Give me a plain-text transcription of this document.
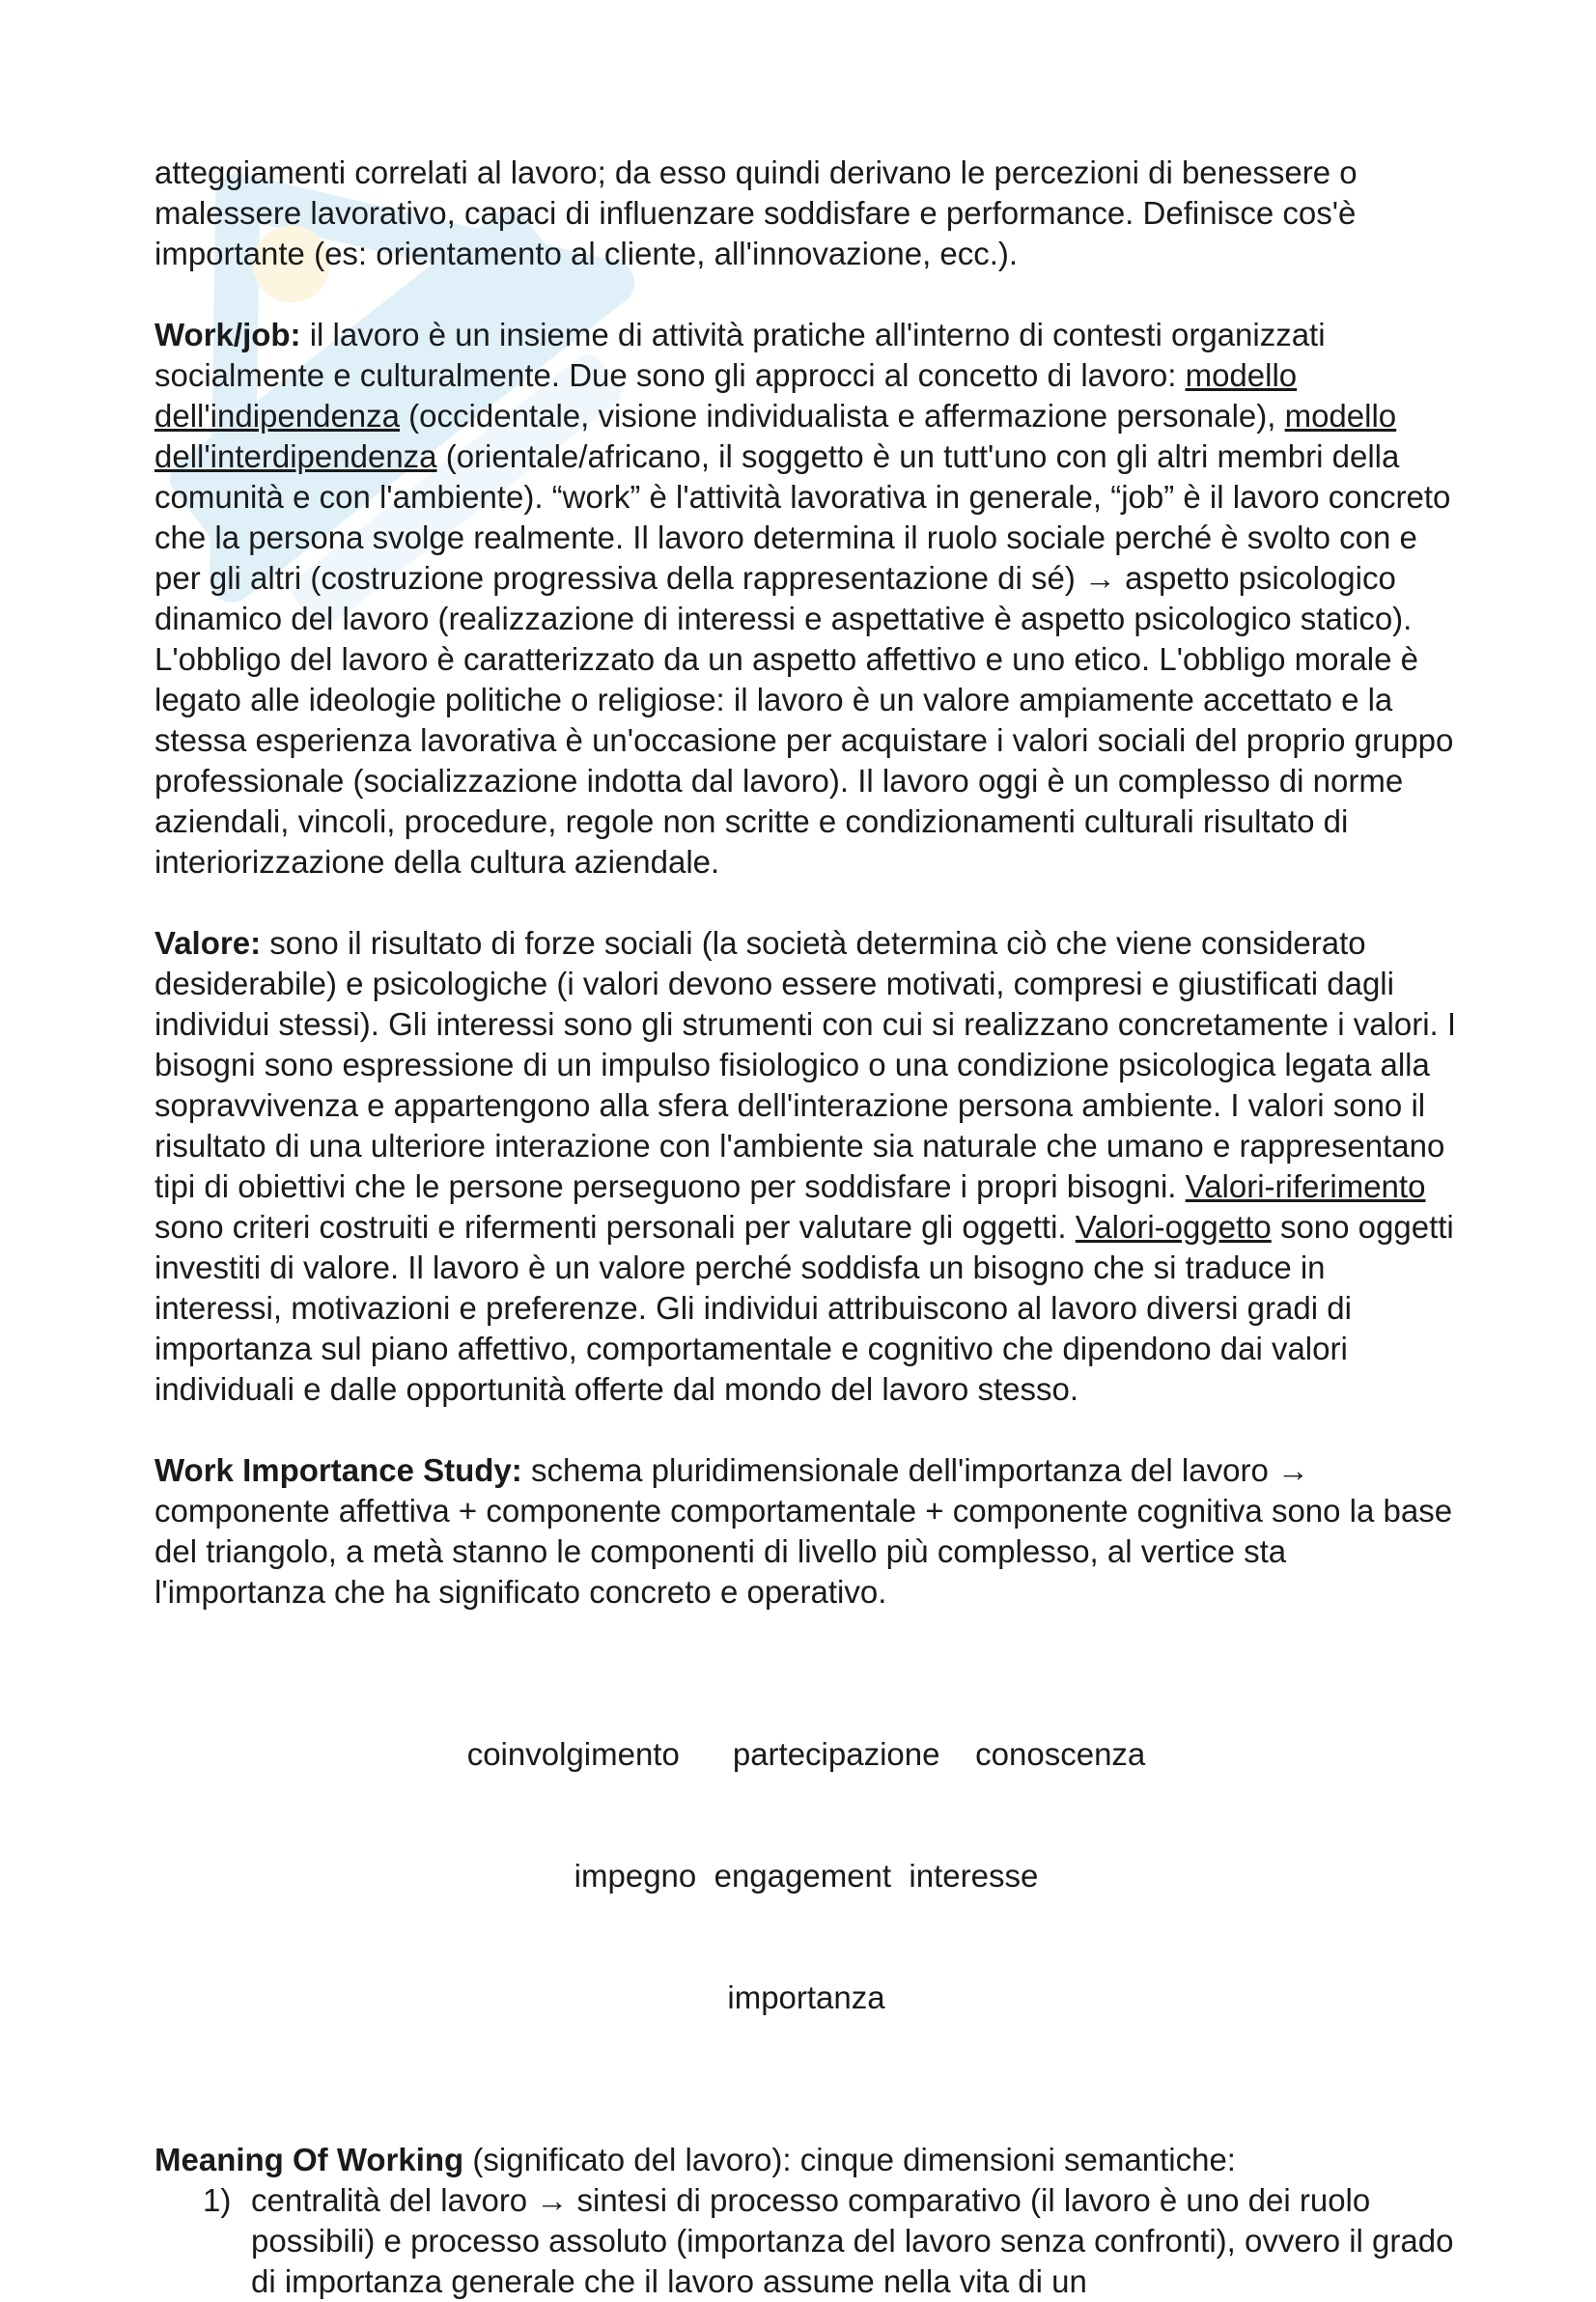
atteggiamenti correlati al lavoro; da esso quindi derivano le percezioni di benessere o malessere lavorativo, capaci di influenzare soddisfare e performance. Definisce cos'è importante (es: orientamento al cliente, all'innovazione, ecc.).

Work/job: il lavoro è un insieme di attività pratiche all'interno di contesti organizzati socialmente e culturalmente. Due sono gli approcci al concetto di lavoro: modello dell'indipendenza (occidentale, visione individualista e affermazione personale), modello dell'interdipendenza (orientale/africano, il soggetto è un tutt'uno con gli altri membri della comunità e con l'ambiente). “work” è l'attività lavorativa in generale, “job” è il lavoro concreto che la persona svolge realmente. Il lavoro determina il ruolo sociale perché è svolto con e per gli altri (costruzione progressiva della rappresentazione di sé) → aspetto psicologico dinamico del lavoro (realizzazione di interessi e aspettative è aspetto psicologico statico). L'obbligo del lavoro è caratterizzato da un aspetto affettivo e uno etico. L'obbligo morale è legato alle ideologie politiche o religiose: il lavoro è un valore ampiamente accettato e la stessa esperienza lavorativa è un'occasione per acquistare i valori sociali del proprio gruppo professionale (socializzazione indotta dal lavoro). Il lavoro oggi è un complesso di norme aziendali, vincoli, procedure, regole non scritte e condizionamenti culturali risultato di interiorizzazione della cultura aziendale.

Valore: sono il risultato di forze sociali (la società determina ciò che viene considerato desiderabile) e psicologiche (i valori devono essere motivati, compresi e giustificati dagli individui stessi). Gli interessi sono gli strumenti con cui si realizzano concretamente i valori. I bisogni sono espressione di un impulso fisiologico o una condizione psicologica legata alla sopravvivenza e appartengono alla sfera dell'interazione persona ambiente. I valori sono il risultato di una ulteriore interazione con l'ambiente sia naturale che umano e rappresentano tipi di obiettivi che le persone perseguono per soddisfare i propri bisogni. Valori-riferimento sono criteri costruiti e rifermenti personali per valutare gli oggetti. Valori-oggetto sono oggetti investiti di valore. Il lavoro è un valore perché soddisfa un bisogno che si traduce in interessi, motivazioni e preferenze. Gli individui attribuiscono al lavoro diversi gradi di importanza sul piano affettivo, comportamentale e cognitivo che dipendono dai valori individuali e dalle opportunità offerte dal mondo del lavoro stesso.

Work Importance Study: schema pluridimensionale dell'importanza del lavoro → componente affettiva + componente comportamentale + componente cognitiva sono la base del triangolo, a metà stanno le componenti di livello più complesso, al vertice sta l'importanza che ha significato concreto e operativo.

coinvolgimento      partecipazione    conoscenza

impegno  engagement  interesse

importanza

Meaning Of Working (significato del lavoro): cinque dimensioni semantiche:
1) centralità del lavoro → sintesi di processo comparativo (il lavoro è uno dei ruolo possibili) e processo assoluto (importanza del lavoro senza confronti), ovvero il grado di importanza generale che il lavoro assume nella vita di un
